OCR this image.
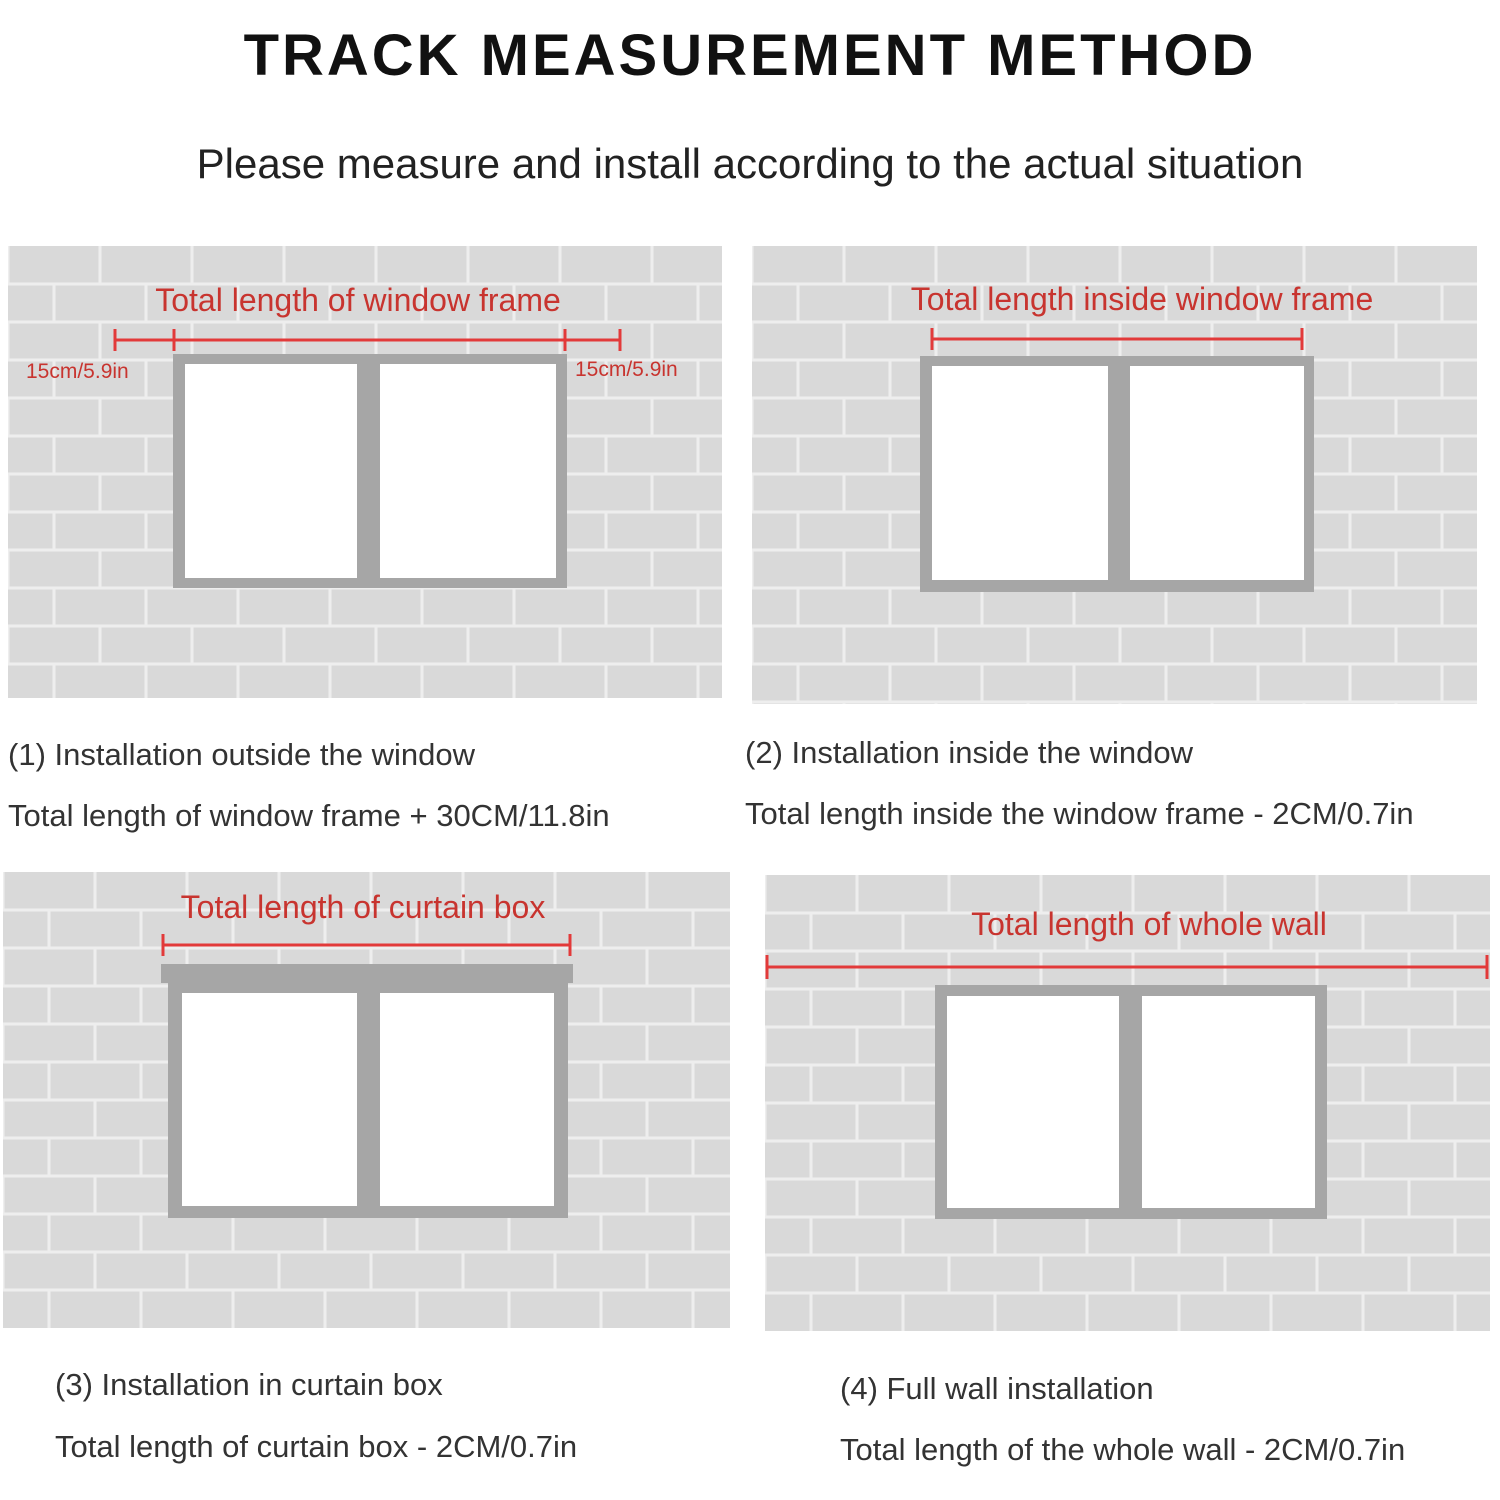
TRACK MEASUREMENT METHOD
Please measure and install according to the actual situation
Total length of window frame
15cm/5.9in	15cm/5.9in
(1) Installation outside the window
Total length of window frame + 30CM/11.8in
Total length inside window frame
(2) Installation inside the window
Total length inside the window frame - 2CM/0.7in
Total length of curtain box
(3) Installation in curtain box
Total length of curtain box - 2CM/0.7in
Total length of whole wall
(4) Full wall installation
Total length of the whole wall - 2CM/0.7in
